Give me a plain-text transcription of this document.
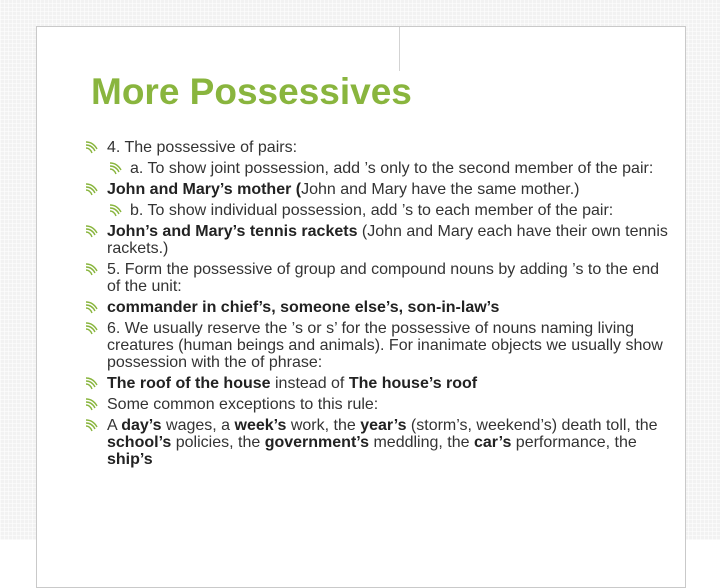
More Possessives
4. The possessive of pairs:
a. To show joint possession, add ’s only to the second member of the pair:
John and Mary’s mother (John and Mary have the same mother.)
b. To show individual possession, add ’s to each member of the pair:
John’s and Mary’s tennis rackets (John and Mary each have their own tennis rackets.)
5. Form the possessive of group and compound nouns by adding ’s to the end of the unit:
commander in chief’s, someone else’s, son-in-law’s
6. We usually reserve the ’s or s’ for the possessive of nouns naming living creatures (human beings and animals). For inanimate objects we usually show possession with the of phrase:
The roof of the house instead of The house’s roof
Some common exceptions to this rule:
A day’s wages, a week’s work, the year’s (storm’s, weekend’s) death toll, the school’s policies, the government’s meddling, the car’s performance, the ship’s
